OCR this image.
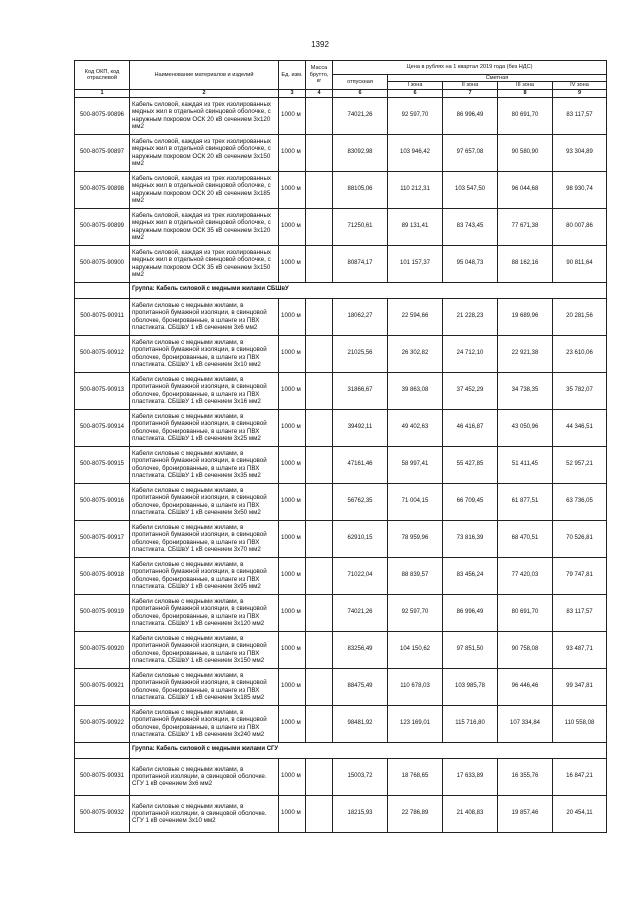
1392
Код ОКП, код отраслевой	Наименование материалов и изделий	Ед. изм.	Масса брутто, кг	Цена в рублях на 1 квартал 2019 года (без НДС)				
				отпускная	Сметная			
					I зона	II зона	III зона	IV зона
1	2	3	4	6	6	7	8	9
500-8075-90896	Кабель силовой, каждая из трех изолированных медных жил в отдельной свинцовой оболочке, с наружным покровом ОСК 20 кВ сечением 3х120 мм2	1000 м		74021,26	92 597,70	86 996,49	80 691,70	83 117,57
500-8075-90897	Кабель силовой, каждая из трех изолированных медных жил в отдельной свинцовой оболочке, с наружным покровом ОСК 20 кВ сечением 3х150 мм2	1000 м		83092,98	103 946,42	97 657,08	90 580,90	93 304,89
500-8075-90898	Кабель силовой, каждая из трех изолированных медных жил в отдельной свинцовой оболочке, с наружным покровом ОСК 20 кВ сечением 3х185 мм2	1000 м		88105,06	110 212,31	103 547,50	96 044,68	98 930,74
500-8075-90899	Кабель силовой, каждая из трех изолированных медных жил в отдельной свинцовой оболочке, с наружным покровом ОСК 35 кВ сечением 3х120 мм2	1000 м		71250,61	89 131,41	83 743,45	77 671,38	80 007,86
500-8075-90900	Кабель силовой, каждая из трех изолированных медных жил в отдельной свинцовой оболочке, с наружным покровом ОСК 35 кВ сечением 3х150 мм2	1000 м		80874,17	101 157,37	95 048,73	88 162,16	90 811,64
	Группа: Кабель силовой с медными жилами СБШвУ							
500-8075-90911	Кабели силовые с медными жилами, в пропитанной бумажной изоляции, в свинцовой оболочке, бронированные, в шланге из ПВХ пластиката. СБШвУ 1 кВ сечением 3х6 мм2	1000 м		18062,27	22 594,66	21 228,23	19 689,96	20 281,56
500-8075-90912	Кабели силовые с медными жилами, в пропитанной бумажной изоляции, в свинцовой оболочке, бронированные, в шланге из ПВХ пластиката. СБШвУ 1 кВ сечением 3х10 мм2	1000 м		21025,56	26 302,82	24 712,10	22 921,38	23 610,06
500-8075-90913	Кабели силовые с медными жилами, в пропитанной бумажной изоляции, в свинцовой оболочке, бронированные, в шланге из ПВХ пластиката. СБШвУ 1 кВ сечением 3х16 мм2	1000 м		31866,67	39 863,08	37 452,29	34 738,35	35 782,07
500-8075-90914	Кабели силовые с медными жилами, в пропитанной бумажной изоляции, в свинцовой оболочке, бронированные, в шланге из ПВХ пластиката. СБШвУ 1 кВ сечением 3х25 мм2	1000 м		39492,11	49 402,63	46 416,87	43 050,96	44 346,51
500-8075-90915	Кабели силовые с медными жилами, в пропитанной бумажной изоляции, в свинцовой оболочке, бронированные, в шланге из ПВХ пластиката. СБШвУ 1 кВ сечением 3х35 мм2	1000 м		47161,46	58 997,41	55 427,85	51 411,45	52 957,21
500-8075-90916	Кабели силовые с медными жилами, в пропитанной бумажной изоляции, в свинцовой оболочке, бронированные, в шланге из ПВХ пластиката. СБШвУ 1 кВ сечением 3х50 мм2	1000 м		56762,35	71 004,15	66 709,45	61 877,51	63 736,05
500-8075-90917	Кабели силовые с медными жилами, в пропитанной бумажной изоляции, в свинцовой оболочке, бронированные, в шланге из ПВХ пластиката. СБШвУ 1 кВ сечением 3х70 мм2	1000 м		62910,15	78 959,96	73 816,39	68 470,51	70 526,81
500-8075-90918	Кабели силовые с медными жилами, в пропитанной бумажной изоляции, в свинцовой оболочке, бронированные, в шланге из ПВХ пластиката. СБШвУ 1 кВ сечением 3х95 мм2	1000 м		71022,04	88 839,57	83 456,24	77 420,03	79 747,81
500-8075-90919	Кабели силовые с медными жилами, в пропитанной бумажной изоляции, в свинцовой оболочке, бронированные, в шланге из ПВХ пластиката. СБШвУ 1 кВ сечением 3х120 мм2	1000 м		74021,26	92 597,70	86 996,49	80 691,70	83 117,57
500-8075-90920	Кабели силовые с медными жилами, в пропитанной бумажной изоляции, в свинцовой оболочке, бронированные, в шланге из ПВХ пластиката. СБШвУ 1 кВ сечением 3х150 мм2	1000 м		83256,49	104 150,62	97 851,50	90 758,08	93 487,71
500-8075-90921	Кабели силовые с медными жилами, в пропитанной бумажной изоляции, в свинцовой оболочке, бронированные, в шланге из ПВХ пластиката. СБШвУ 1 кВ сечением 3х185 мм2	1000 м		88475,49	110 678,03	103 985,78	96 446,46	99 347,81
500-8075-90922	Кабели силовые с медными жилами, в пропитанной бумажной изоляции, в свинцовой оболочке, бронированные, в шланге из ПВХ пластиката. СБШвУ 1 кВ сечением 3х240 мм2	1000 м		98481,92	123 169,01	115 716,80	107 334,84	110 558,08
	Группа: Кабель силовой с медными жилами СГУ							
500-8075-90931	Кабели силовые с медными жилами, в пропитанной изоляции, в свинцовой оболочке. СГУ 1 кВ сечением 3х6 мм2	1000 м		15003,72	18 768,65	17 633,89	16 355,76	16 847,21
500-8075-90932	Кабели силовые с медными жилами, в пропитанной изоляции, в свинцовой оболочке. СГУ 1 кВ сечением 3х10 мм2	1000 м		18215,93	22 786,89	21 408,83	19 857,46	20 454,11
